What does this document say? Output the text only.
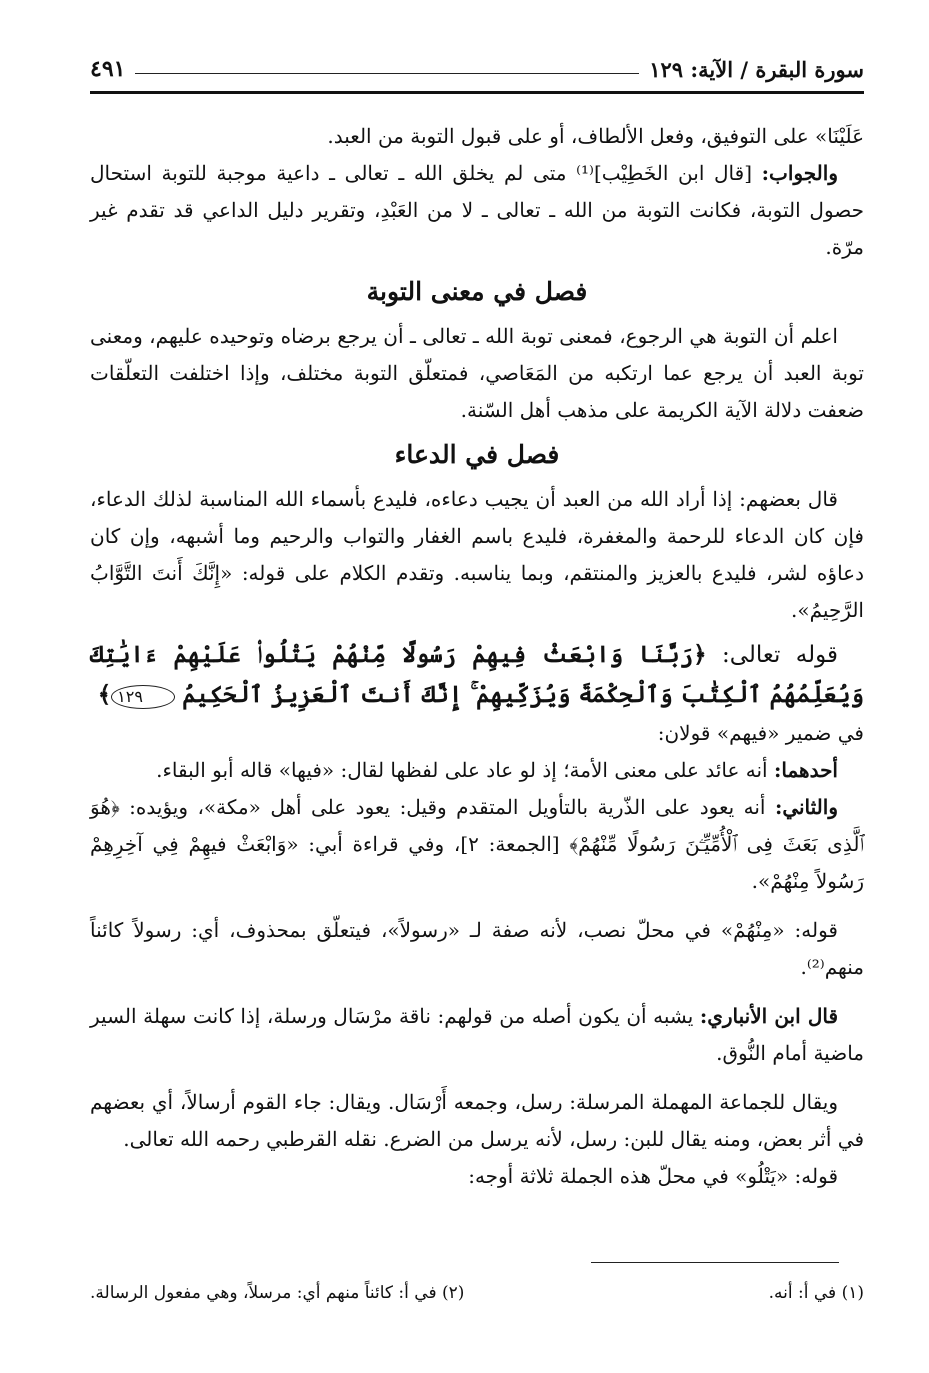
سورة البقرة / الآية: ١٢٩
٤٩١

عَلَيْنَا» على التوفيق، وفعل الألطاف، أو على قبول التوبة من العبد.

والجواب: [قال ابن الخَطِيْب]⁽¹⁾ متى لم يخلق الله ـ تعالى ـ داعية موجبة للتوبة استحال حصول التوبة، فكانت التوبة من الله ـ تعالى ـ لا من العَبْدِ، وتقرير دليل الداعي قد تقدم غير مرّة.

فصل في معنى التوبة

اعلم أن التوبة هي الرجوع، فمعنى توبة الله ـ تعالى ـ أن يرجع برضاه وتوحيده عليهم، ومعنى توبة العبد أن يرجع عما ارتكبه من المَعَاصي، فمتعلّق التوبة مختلف، وإذا اختلفت التعلّقات ضعفت دلالة الآية الكريمة على مذهب أهل السّنة.

فصل في الدعاء

قال بعضهم: إذا أراد الله من العبد أن يجيب دعاءه، فليدع بأسماء الله المناسبة لذلك الدعاء، فإن كان الدعاء للرحمة والمغفرة، فليدع باسم الغفار والتواب والرحيم وما أشبهه، وإن كان دعاؤه لشر، فليدع بالعزيز والمنتقم، وبما يناسبه. وتقدم الكلام على قوله: «إِنَّكَ أَنتَ التَّوَّابُ الرَّحِيمُ».

قوله تعالى: ﴿رَبَّنَا وَابْعَثْ فِيهِمْ رَسُولًا مِّنْهُمْ يَتْلُوا۟ عَلَيْهِمْ ءَايَٰتِكَ وَيُعَلِّمُهُمُ ٱلْكِتَٰبَ وَٱلْحِكْمَةَ وَيُزَكِّيهِمْ ۚ إِنَّكَ أَنتَ ٱلْعَزِيزُ ٱلْحَكِيمُ ١٢٩﴾

في ضمير «فيهم» قولان:

أحدهما: أنه عائد على معنى الأمة؛ إذ لو عاد على لفظها لقال: «فيها» قاله أبو البقاء.

والثاني: أنه يعود على الذّرية بالتأويل المتقدم وقيل: يعود على أهل «مكة»، ويؤيده: ﴿هُوَ ٱلَّذِى بَعَثَ فِى ٱلْأُمِّيِّـۧنَ رَسُولًا مِّنْهُمْ﴾ [الجمعة: ٢]، وفي قراءة أبي: «وَابْعَثْ فيهِمْ فِي آخِرِهِمْ رَسُولاً مِنْهُمْ».

قوله: «مِنْهُمْ» في محلّ نصب، لأنه صفة لـ «رسولاً»، فيتعلّق بمحذوف، أي: رسولاً كائناً منهم⁽²⁾.

قال ابن الأنباري: يشبه أن يكون أصله من قولهم: ناقة مرْسَال ورسلة، إذا كانت سهلة السير ماضية أمام النُّوق.

ويقال للجماعة المهملة المرسلة: رسل، وجمعه أَرْسَال. ويقال: جاء القوم أرسالاً، أي بعضهم في أثر بعض، ومنه يقال للبن: رسل، لأنه يرسل من الضرع. نقله القرطبي رحمه الله تعالى.

قوله: «يَتْلُو» في محلّ هذه الجملة ثلاثة أوجه:

(١) في أ: أنه.
(٢) في أ: كائناً منهم أي: مرسلاً، وهي مفعول الرسالة.
